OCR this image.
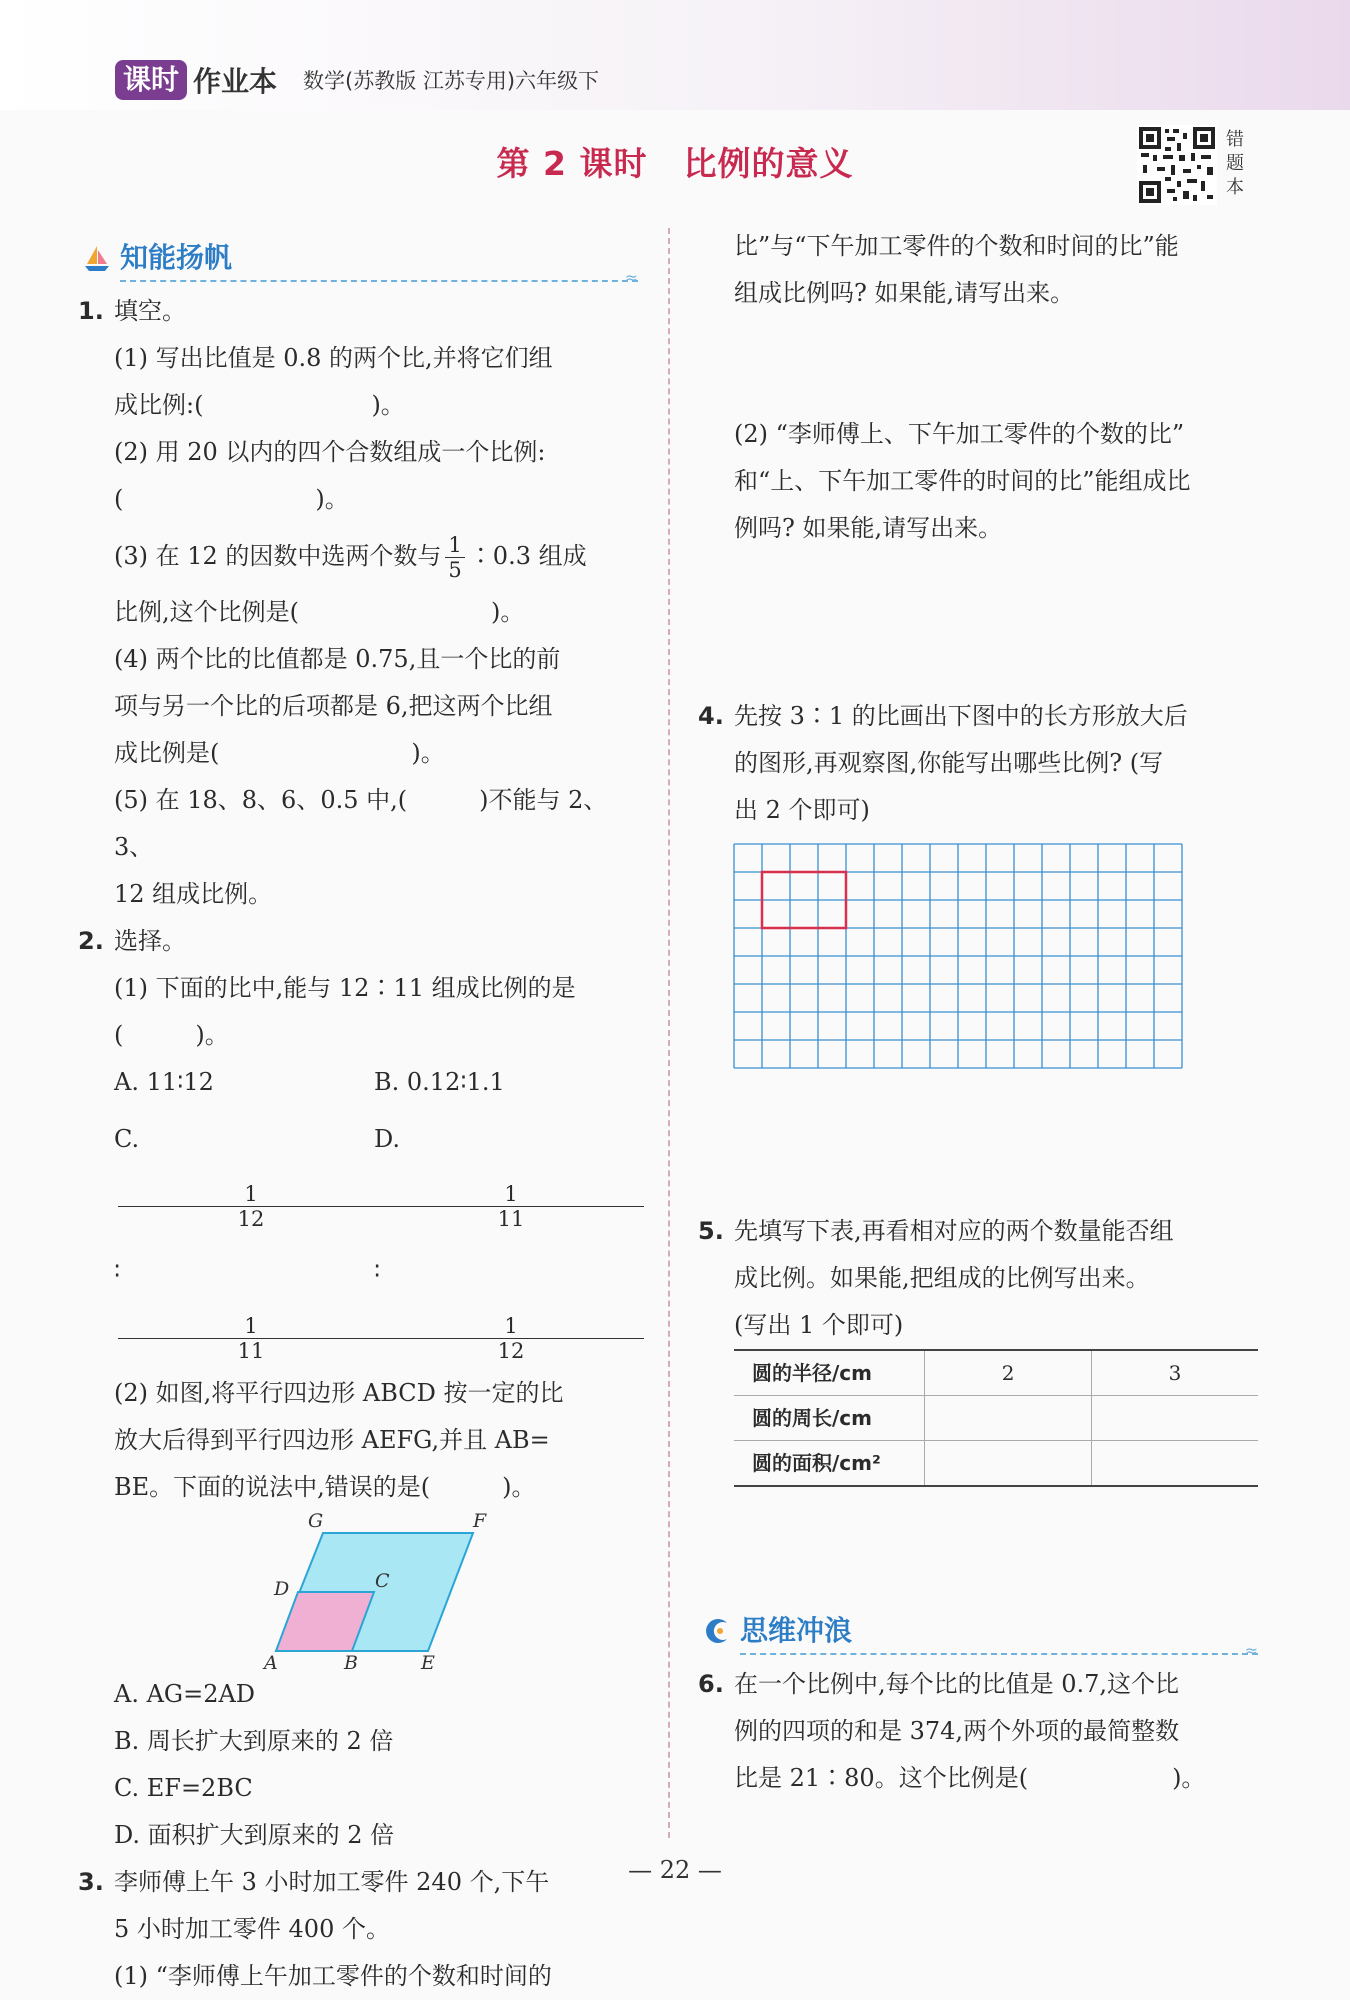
课时 作业本 数学(苏教版 江苏专用)六年级下
第 2 课时 比例的意义
错题本
知能扬帆
≈
1. 填空。

(1) 写出比值是 0.8 的两个比,并将它们组

成比例:(　　　　　　　)。

(2) 用 20 以内的四个合数组成一个比例:

(　　　　　　　　)。

(3) 在 12 的因数中选两个数与 $\frac{1}{5}$ ∶0.3 组成

比例,这个比例是(　　　　　　　　)。

(4) 两个比的比值都是 0.75,且一个比的前

项与另一个比的后项都是 6,把这两个比组

成比例是(　　　　　　　　)。

(5) 在 18、8、6、0.5 中,(　　　)不能与 2、3、

12 组成比例。

2. 选择。

(1) 下面的比中,能与 12∶11 组成比例的是

(　　　)。

A. 11∶12	B. 0.12∶1.1
C.
$\frac{1}{12}$
∶
$\frac{1}{11}$
D.
$\frac{1}{11}$
∶
$\frac{1}{12}$

(2) 如图,将平行四边形 ABCD 按一定的比

放大后得到平行四边形 AEFG,并且 AB=

BE。下面的说法中,错误的是(　　　)。

G	F
D	C
A	B	E

A. AG=2AD

B. 周长扩大到原来的 2 倍

C. EF=2BC

D. 面积扩大到原来的 2 倍

3. 李师傅上午 3 小时加工零件 240 个,下午

5 小时加工零件 400 个。

(1) “李师傅上午加工零件的个数和时间的

比”与“下午加工零件的个数和时间的比”能

组成比例吗? 如果能,请写出来。

(2) “李师傅上、下午加工零件的个数的比”

和“上、下午加工零件的时间的比”能组成比

例吗? 如果能,请写出来。

4. 先按 3∶1 的比画出下图中的长方形放大后

的图形,再观察图,你能写出哪些比例? (写

出 2 个即可)

5. 先填写下表,再看相对应的两个数量能否组

成比例。如果能,把组成的比例写出来。

(写出 1 个即可)

圆的半径/cm	2	3
圆的周长/cm		
圆的面积/cm²		
思维冲浪
≈
6. 在一个比例中,每个比的比值是 0.7,这个比

例的四项的和是 374,两个外项的最简整数

比是 21∶80。这个比例是(　　　　　　)。

— 22 —
